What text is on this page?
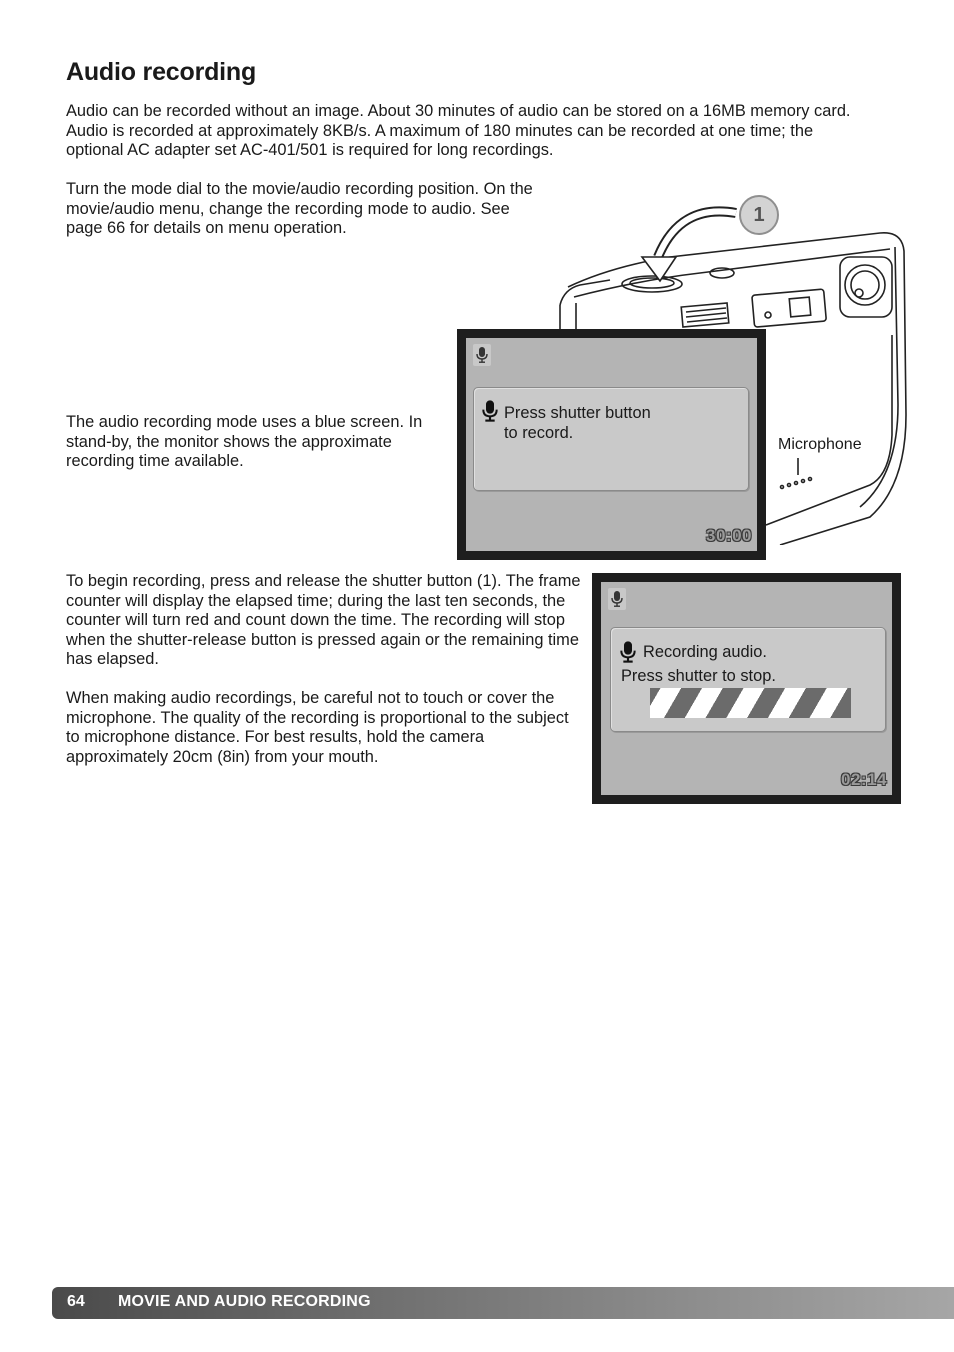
Audio recording

Audio can be recorded without an image. About 30 minutes of audio can be stored on a 16MB memory card. Audio is recorded at approximately 8KB/s. A maximum of 180 minutes can be recorded at one time; the optional AC adapter set AC-401/501 is required for long recordings.

Turn the mode dial to the movie/audio recording position. On the movie/audio menu, change the recording mode to audio. See page 66 for details on menu operation.

The audio recording mode uses a blue screen. In stand-by, the monitor shows the approximate recording time available.

To begin recording, press and release the shutter button (1). The frame counter will display the elapsed time; during the last ten seconds, the counter will turn red and count down the time. The recording will stop when the shutter-release button is pressed again or the remaining time has elapsed.

When making audio recordings, be careful not to touch or cover the microphone. The quality of the recording is proportional to the subject to microphone distance. For best results, hold the camera approximately 20cm (8in) from your mouth.

1
Microphone
Press shutter button
to record.
30:00
Recording audio.
Press shutter to stop.
02:14
64 MOVIE AND AUDIO RECORDING
